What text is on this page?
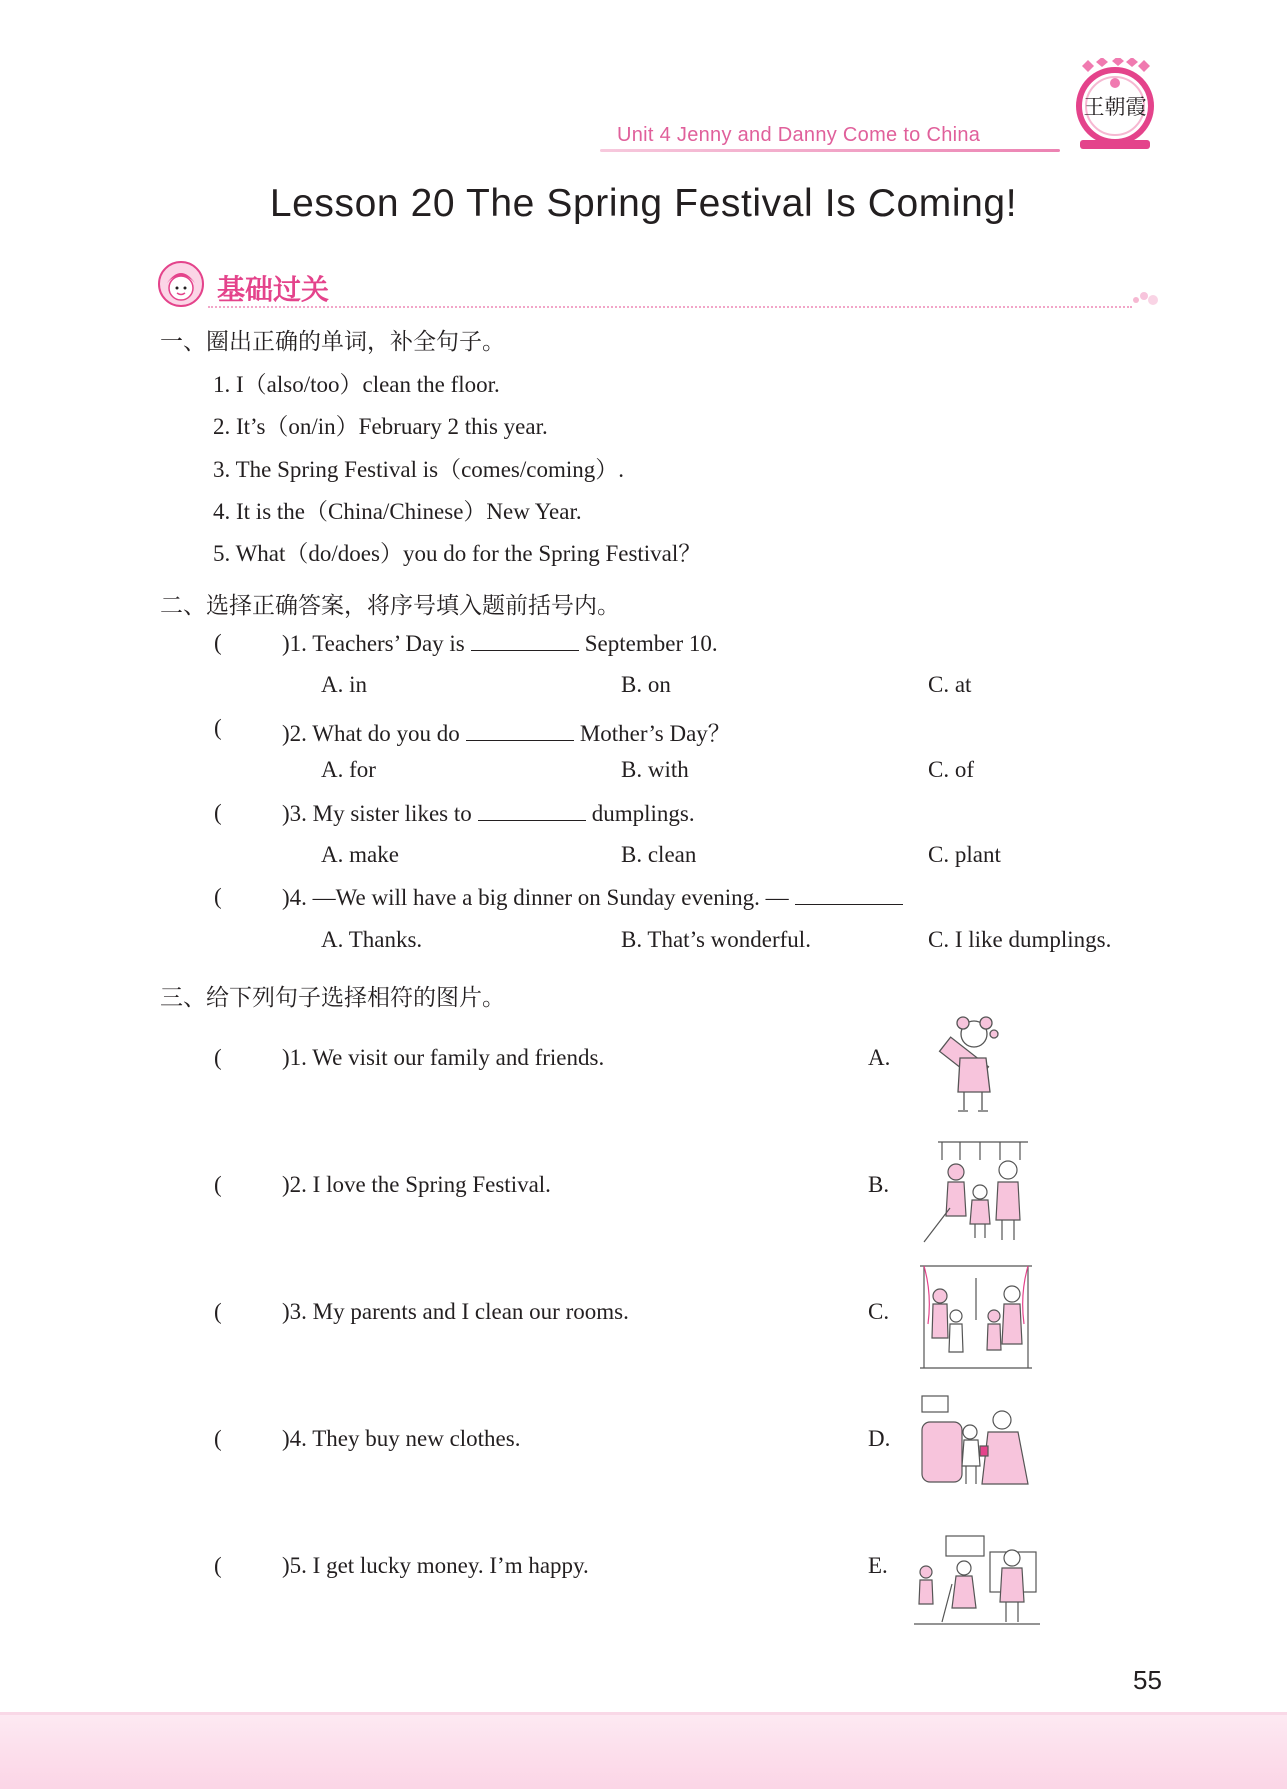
Unit 4 Jenny and Danny Come to China
王朝霞
Lesson 20 The Spring Festival Is Coming!
基础过关
一、圈出正确的单词，补全句子。
1. I（also/too）clean the floor.
2. It’s（on/in）February 2 this year.
3. The Spring Festival is（comes/coming）.
4. It is the（China/Chinese）New Year.
5. What（do/does）you do for the Spring Festival？
二、选择正确答案，将序号填入题前括号内。
(	)1. Teachers’ Day is	September 10.
A. in	B. on	C. at
(	)2. What do you do	Mother’s Day？
A. for	B. with	C. of
(	)3. My sister likes to	dumplings.
A. make	B. clean	C. plant
(	)4. —We will have a big dinner on Sunday evening. —
A. Thanks.	B. That’s wonderful.	C. I like dumplings.
三、给下列句子选择相符的图片。
(	)1. We visit our family and friends.	A.
(	)2. I love the Spring Festival.	B.
(	)3. My parents and I clean our rooms.	C.
(	)4. They buy new clothes.	D.
(	)5. I get lucky money. I’m happy.	E.
55
